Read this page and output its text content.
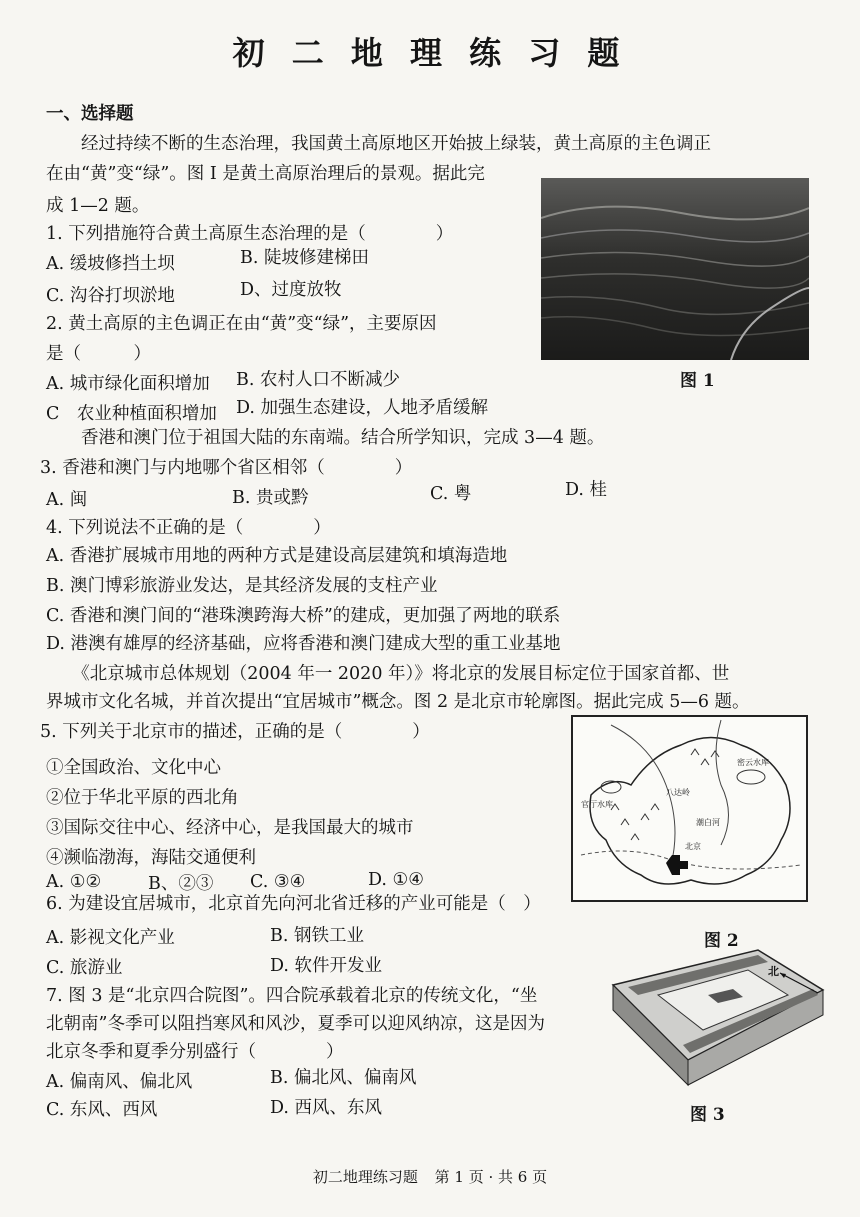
初 二 地 理 练 习 题
一、选择题
　　经过持续不断的生态治理，我国黄土高原地区开始披上绿装，黄土高原的主色调正
在由“黄”变“绿”。图 I 是黄土高原治理后的景观。据此完
成 1—2 题。
1. 下列措施符合黄土高原生态治理的是（　　　　）
A. 缓坡修挡土坝	B. 陡坡修建梯田
C. 沟谷打坝淤地	D、过度放牧
2. 黄土高原的主色调正在由“黄”变“绿”，主要原因
是（　　　）
A. 城市绿化面积增加 B. 农村人口不断减少
C　农业种植面积增加 D. 加强生态建设，人地矛盾缓解
图 1
　　香港和澳门位于祖国大陆的东南端。结合所学知识，完成 3—4 题。
3. 香港和澳门与内地哪个省区相邻（　　　　）
A. 闽	B. 贵或黔	C. 粤	D. 桂
4. 下列说法不正确的是（　　　　）
A. 香港扩展城市用地的两种方式是建设高层建筑和填海造地
B. 澳门博彩旅游业发达，是其经济发展的支柱产业
C. 香港和澳门间的“港珠澳跨海大桥”的建成，更加强了两地的联系
D. 港澳有雄厚的经济基础，应将香港和澳门建成大型的重工业基地
　　《北京城市总体规划（2004 年一 2020 年）》将北京的发展目标定位于国家首都、世
界城市文化名城，并首次提出“宜居城市”概念。图 2 是北京市轮廓图。据此完成 5—6 题。
5. 下列关于北京市的描述，正确的是（　　　　）
①全国政治、文化中心
②位于华北平原的西北角
③国际交往中心、经济中心，是我国最大的城市
④濒临渤海，海陆交通便利
A. ①②	B、②③ C. ③④	D. ①④
八达岭
密云水库
官厅水库
潮白河
北京
图 2
6. 为建设宜居城市，北京首先向河北省迁移的产业可能是（　）
A. 影视文化产业	B. 钢铁工业
C. 旅游业	D. 软件开发业
7. 图 3 是“北京四合院图”。四合院承载着北京的传统文化，“坐
北朝南”冬季可以阻挡寒风和风沙，夏季可以迎风纳凉，这是因为
北京冬季和夏季分别盛行（　　　　）
A. 偏南风、偏北风	B. 偏北风、偏南风
C. 东风、西风	D. 西风、东风
北
图 3
初二地理练习题 第 1 页 · 共 6 页
